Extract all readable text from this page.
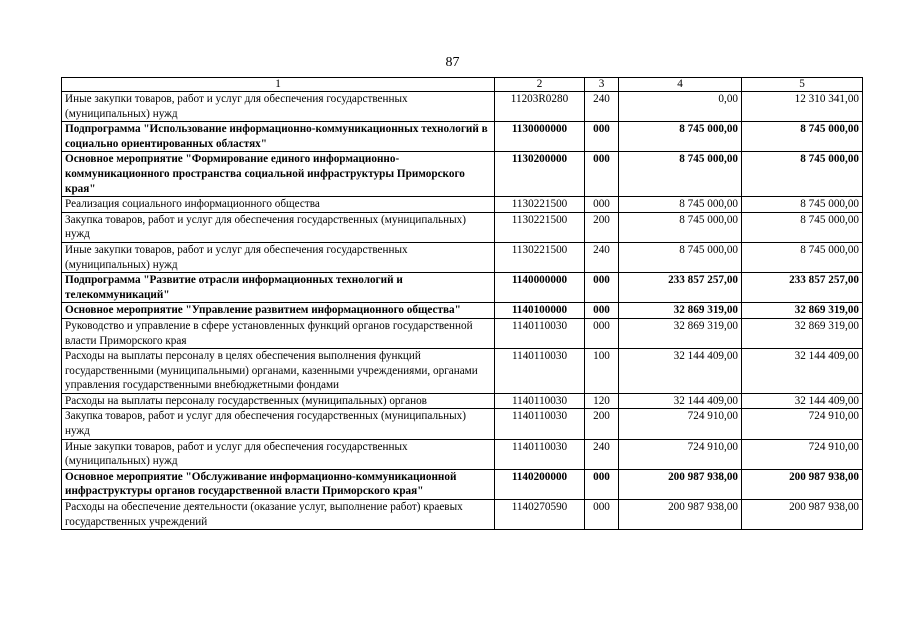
87
1	2	3	4	5
Иные закупки товаров, работ и услуг для обеспечения государственных (муниципальных) нужд	11203R0280	240	0,00	12 310 341,00
Подпрограмма "Использование информационно-коммуникационных технологий в социально ориентированных областях"	1130000000	000	8 745 000,00	8 745 000,00
Основное мероприятие "Формирование единого информационно-коммуникационного пространства социальной инфраструктуры Приморского края"	1130200000	000	8 745 000,00	8 745 000,00
Реализация социального информационного общества	1130221500	000	8 745 000,00	8 745 000,00
Закупка товаров, работ и услуг для обеспечения государственных (муниципальных) нужд	1130221500	200	8 745 000,00	8 745 000,00
Иные закупки товаров, работ и услуг для обеспечения государственных (муниципальных) нужд	1130221500	240	8 745 000,00	8 745 000,00
Подпрограмма "Развитие отрасли информационных технологий и телекоммуникаций"	1140000000	000	233 857 257,00	233 857 257,00
Основное мероприятие "Управление развитием информационного общества"	1140100000	000	32 869 319,00	32 869 319,00
Руководство и управление в сфере установленных функций органов государственной власти Приморского края	1140110030	000	32 869 319,00	32 869 319,00
Расходы на выплаты персоналу в целях обеспечения выполнения функций государственными (муниципальными) органами, казенными учреждениями, органами управления государственными внебюджетными фондами	1140110030	100	32 144 409,00	32 144 409,00
Расходы на выплаты персоналу государственных (муниципальных) органов	1140110030	120	32 144 409,00	32 144 409,00
Закупка товаров, работ и услуг для обеспечения государственных (муниципальных) нужд	1140110030	200	724 910,00	724 910,00
Иные закупки товаров, работ и услуг для обеспечения государственных (муниципальных) нужд	1140110030	240	724 910,00	724 910,00
Основное мероприятие "Обслуживание информационно-коммуникационной инфраструктуры органов государственной власти Приморского края"	1140200000	000	200 987 938,00	200 987 938,00
Расходы на обеспечение деятельности (оказание услуг, выполнение работ) краевых государственных учреждений	1140270590	000	200 987 938,00	200 987 938,00
